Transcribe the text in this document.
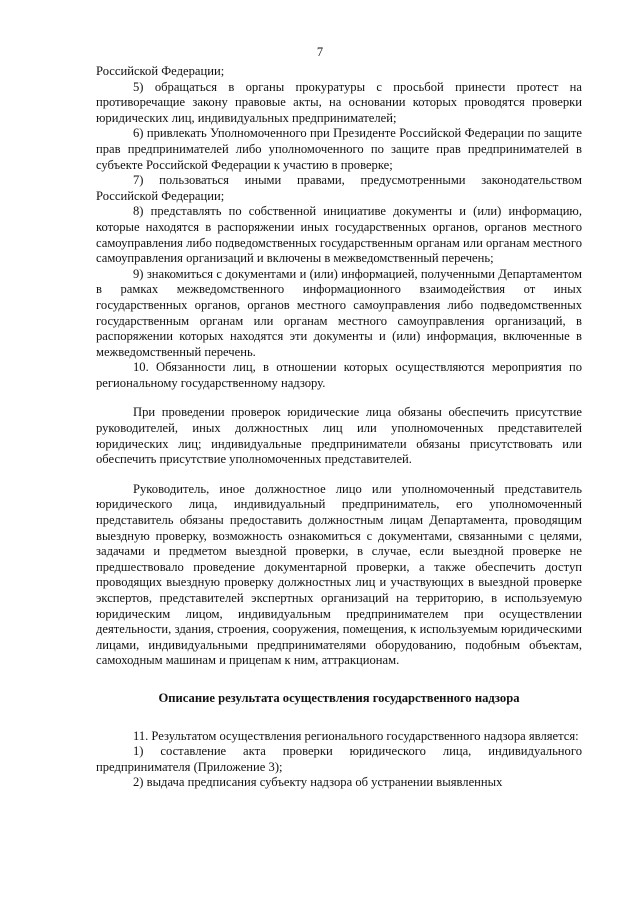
7

Российской Федерации;

5) обращаться в органы прокуратуры с просьбой принести протест на противоречащие закону правовые акты, на основании которых проводятся проверки юридических лиц, индивидуальных предпринимателей;

6) привлекать Уполномоченного при Президенте Российской Федерации по защите прав предпринимателей либо уполномоченного по защите прав предпринимателей в субъекте Российской Федерации к участию в проверке;

7) пользоваться иными правами, предусмотренными законодательством Российской Федерации;

8) представлять по собственной инициативе документы и (или) информацию, которые находятся в распоряжении иных государственных органов, органов местного самоуправления либо подведомственных государственным органам или органам местного самоуправления организаций и включены в межведомственный перечень;

9) знакомиться с документами и (или) информацией, полученными Департаментом в рамках межведомственного информационного взаимодействия от иных государственных органов, органов местного самоуправления либо подведомственных государственным органам или органам местного самоуправления организаций, в распоряжении которых находятся эти документы и (или) информация, включенные в межведомственный перечень.

10. Обязанности лиц, в отношении которых осуществляются мероприятия по региональному государственному надзору.

При проведении проверок юридические лица обязаны обеспечить присутствие руководителей, иных должностных лиц или уполномоченных представителей юридических лиц; индивидуальные предприниматели обязаны присутствовать или обеспечить присутствие уполномоченных представителей.

Руководитель, иное должностное лицо или уполномоченный представитель юридического лица, индивидуальный предприниматель, его уполномоченный представитель обязаны предоставить должностным лицам Департамента, проводящим выездную проверку, возможность ознакомиться с документами, связанными с целями, задачами и предметом выездной проверки, в случае, если выездной проверке не предшествовало проведение документарной проверки, а также обеспечить доступ проводящих выездную проверку должностных лиц и участвующих в выездной проверке экспертов, представителей экспертных организаций на территорию, в используемую юридическим лицом, индивидуальным предпринимателем при осуществлении деятельности, здания, строения, сооружения, помещения, к используемым юридическими лицами, индивидуальными предпринимателями оборудованию, подобным объектам, самоходным машинам и прицепам к ним, аттракционам.

Описание результата осуществления государственного надзора

11. Результатом осуществления регионального государственного надзора является:

1) составление акта проверки юридического лица, индивидуального предпринимателя (Приложение 3);

2) выдача предписания субъекту надзора об устранении выявленных
